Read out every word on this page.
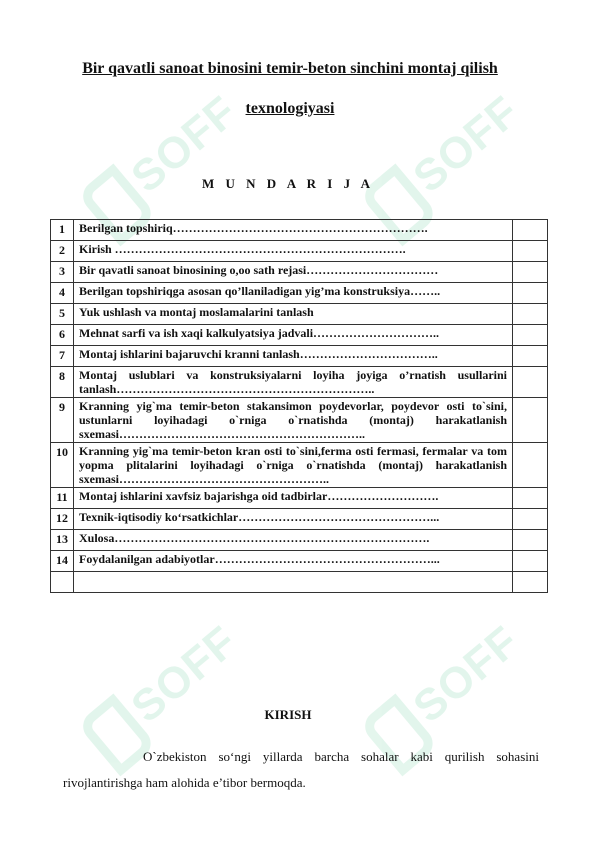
SOFF	SOFF
SOFF	SOFF
Bir qavatli sanoat binosini temir-beton sinchini montaj qilish
texnologiyasi
M U N D A R I J A
1	Berilgan topshiriq……………………………………………………….	
2	Kirish ……………………………………………………………….	
3	Bir qavatli sanoat binosining o,oo sath rejasi……………………………	
4	Berilgan topshiriqga asosan qo’llaniladigan yig’ma konstruksiya……..	
5	Yuk ushlash va montaj moslamalarini tanlash	
6	Mehnat sarfi va ish xaqi kalkulyatsiya jadvali…………………………..	
7	Montaj ishlarini bajaruvchi kranni tanlash……………………………..	
8	Montaj uslublari va konstruksiyalarni loyiha joyiga o’rnatish usullarini tanlash………………………………………………………..	
9	Kranning yig`ma temir-beton stakansimon poydevorlar, poydevor osti to`sini, ustunlarni loyihadagi o`rniga o`rnatishda (montaj) harakatlanish sxemasi……………………………………………………..	
10	Kranning yig`ma temir-beton kran osti to`sini,ferma osti fermasi, fermalar va tom yopma plitalarini loyihadagi o`rniga o`rnatishda (montaj) harakatlanish sxemasi……………………………………………..	
11	Montaj ishlarini xavfsiz bajarishga oid tadbirlar……………………….	
12	Texnik-iqtisodiy ko‘rsatkichlar…………………………………………...	
13	Xulosa…………………………………………………………………….	
14	Foydalanilgan adabiyotlar………………………………………………...	

KIRISH
O`zbekiston so‘ngi yillarda barcha sohalar kabi qurilish sohasini rivojlantirishga ham alohida e’tibor bermoqda.
